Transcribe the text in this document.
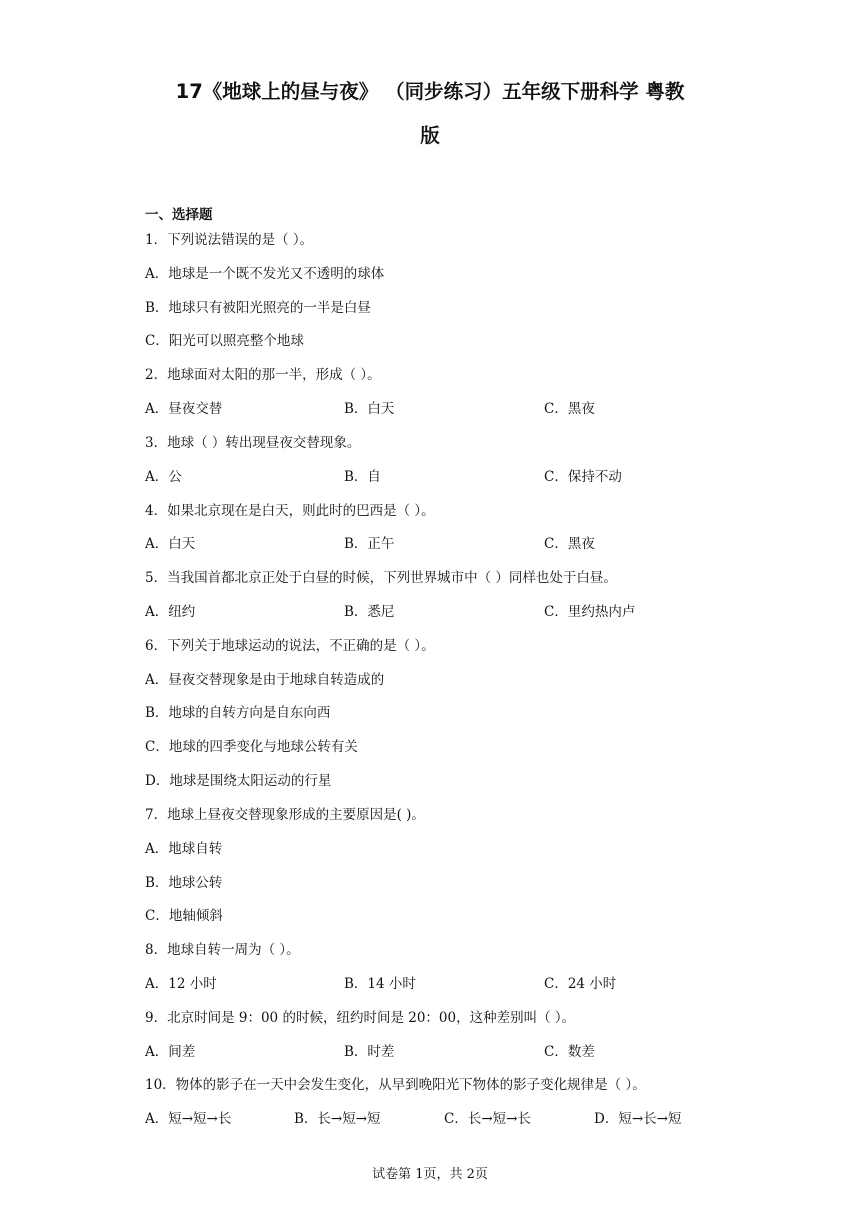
17《地球上的昼与夜》 （同步练习）五年级下册科学 粤教
版
一、选择题
1．下列说法错误的是（ ）。
A．地球是一个既不发光又不透明的球体
B．地球只有被阳光照亮的一半是白昼
C．阳光可以照亮整个地球
2．地球面对太阳的那一半，形成（ ）。
A．昼夜交替	B．白天	C．黑夜
3．地球（ ）转出现昼夜交替现象。
A．公	B．自	C．保持不动
4．如果北京现在是白天，则此时的巴西是（ ）。
A．白天	B．正午	C．黑夜
5．当我国首都北京正处于白昼的时候，下列世界城市中（ ）同样也处于白昼。
A．纽约	B．悉尼	C．里约热内卢
6．下列关于地球运动的说法，不正确的是（ ）。
A．昼夜交替现象是由于地球自转造成的
B．地球的自转方向是自东向西
C．地球的四季变化与地球公转有关
D．地球是围绕太阳运动的行星
7．地球上昼夜交替现象形成的主要原因是( )。
A．地球自转
B．地球公转
C．地轴倾斜
8．地球自转一周为（ ）。
A．12 小时	B．14 小时	C．24 小时
9．北京时间是 9：00 的时候，纽约时间是 20：00，这种差别叫（ ）。
A．间差	B．时差	C．数差
10．物体的影子在一天中会发生变化，从早到晚阳光下物体的影子变化规律是（ ）。
A．短→短→长	B．长→短→短	C．长→短→长	D．短→长→短
试卷第 1页，共 2页
